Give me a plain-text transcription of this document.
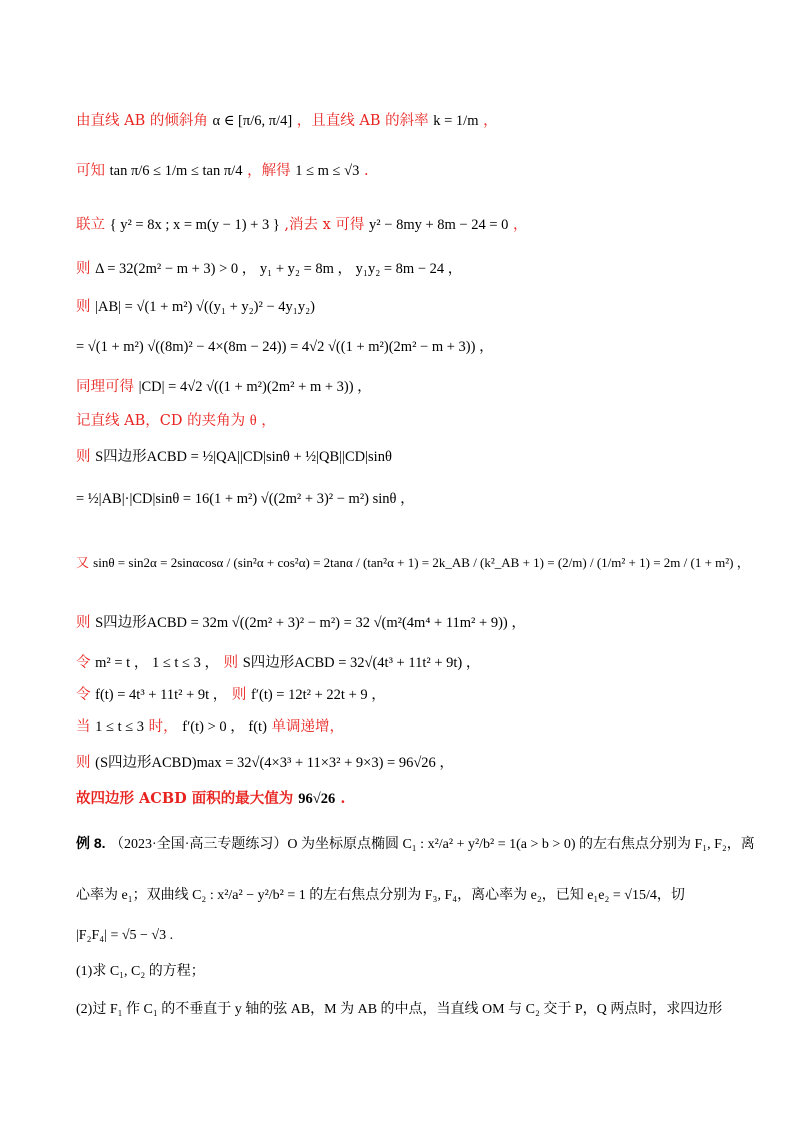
由直线 AB 的倾斜角 α ∈ [π/6, π/4] ，且直线 AB 的斜率 k = 1/m ，
可知 tan π/6 ≤ 1/m ≤ tan π/4 ，解得 1 ≤ m ≤ √3 .
联立 { y² = 8x ; x = m(y − 1) + 3 } ,消去 x 可得 y² − 8my + 8m − 24 = 0 ，
则 Δ = 32(2m² − m + 3) > 0 ， y₁ + y₂ = 8m ， y₁y₂ = 8m − 24 ，
则 |AB| = √(1 + m²) √((y₁ + y₂)² − 4y₁y₂)
= √(1 + m²) √((8m)² − 4×(8m − 24)) = 4√2 √((1 + m²)(2m² − m + 3)) ，
同理可得 |CD| = 4√2 √((1 + m²)(2m² + m + 3)) ，
记直线 AB，CD 的夹角为 θ ，
则 S四边形ACBD = ½|QA||CD|sinθ + ½|QB||CD|sinθ
= ½|AB|·|CD|sinθ = 16(1 + m²) √((2m² + 3)² − m²) sinθ ，
又 sinθ = sin2α = 2sinαcosα / (sin²α + cos²α) = 2tanα / (tan²α + 1) = 2k_AB / (k²_AB + 1) = (2/m) / (1/m² + 1) = 2m / (1 + m²) ，
则 S四边形ACBD = 32m √((2m² + 3)² − m²) = 32 √(m²(4m⁴ + 11m² + 9)) ，
令 m² = t ， 1 ≤ t ≤ 3 ， 则 S四边形ACBD = 32√(4t³ + 11t² + 9t) ，
令 f(t) = 4t³ + 11t² + 9t ， 则 f′(t) = 12t² + 22t + 9 ，
当 1 ≤ t ≤ 3 时， f′(t) > 0 ， f(t) 单调递增，
则 (S四边形ACBD)max = 32√(4×3³ + 11×3² + 9×3) = 96√26 ，
故四边形 ACBD 面积的最大值为 96√26 .
例 8. （2023·全国·高三专题练习）O 为坐标原点椭圆 C₁ : x²/a² + y²/b² = 1(a > b > 0) 的左右焦点分别为 F₁, F₂，离
心率为 e₁；双曲线 C₂ : x²/a² − y²/b² = 1 的左右焦点分别为 F₃, F₄，离心率为 e₂，已知 e₁e₂ = √15/4，切
|F₂F₄| = √5 − √3 .
(1)求 C₁, C₂ 的方程；
(2)过 F₁ 作 C₁ 的不垂直于 y 轴的弦 AB，M 为 AB 的中点，当直线 OM 与 C₂ 交于 P，Q 两点时，求四边形
